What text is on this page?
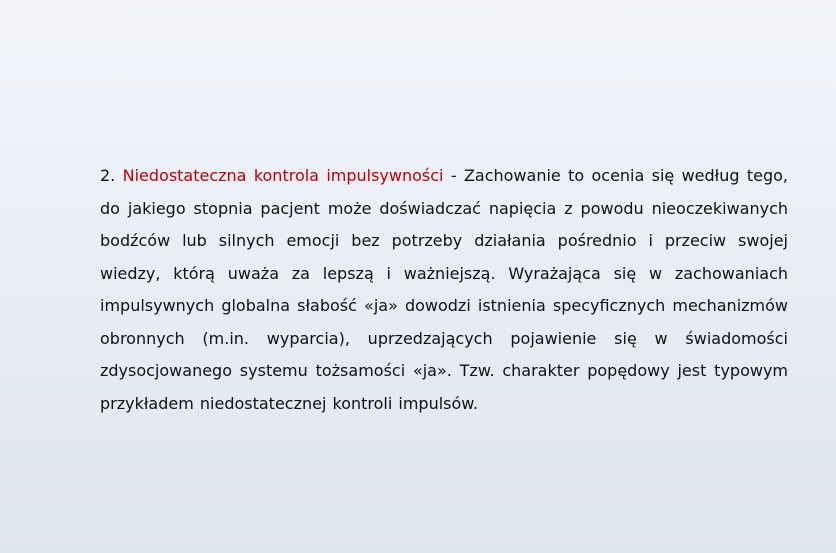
2. Niedostateczna kontrola impulsywności - Zachowanie to ocenia się według tego, do jakiego stopnia pacjent może doświadczać napięcia z powodu nieoczekiwanych bodźców lub silnych emocji bez potrzeby działania pośrednio i przeciw swojej wiedzy, którą uważa za lepszą i ważniejszą. Wyrażająca się w zachowaniach impulsywnych globalna słabość «ja» dowodzi istnienia specyficznych mechanizmów obronnych (m.in. wyparcia), uprzedzających pojawienie się w świadomości zdysocjowanego systemu tożsamości «ja». Tzw. charakter popędowy jest typowym przykładem niedostatecznej kontroli impulsów.
